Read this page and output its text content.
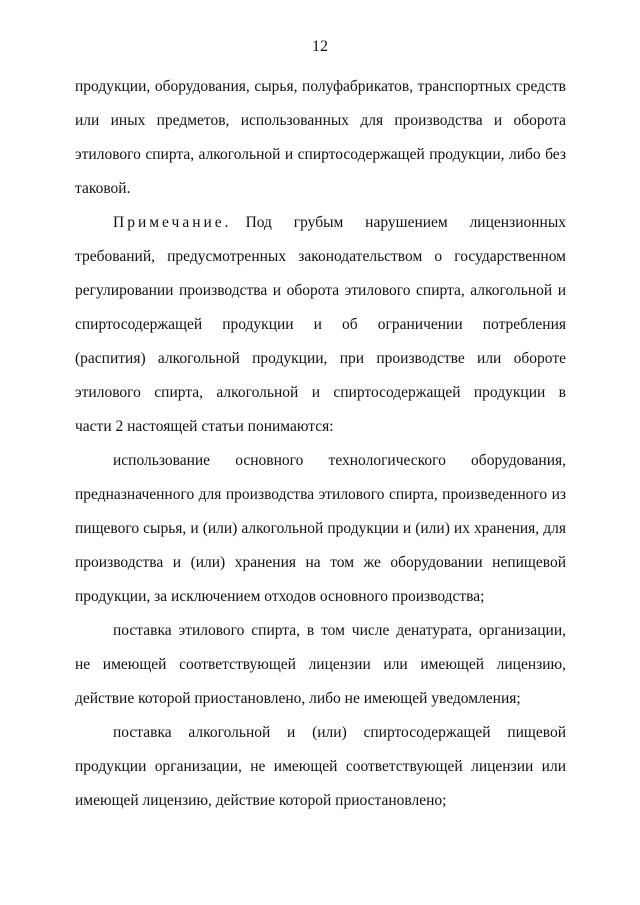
12
продукции, оборудования, сырья, полуфабрикатов, транспортных средств
или иных предметов, использованных для производства и оборота
этилового спирта, алкогольной и спиртосодержащей продукции, либо без
таковой.
Примечание. Под грубым нарушением лицензионных
требований, предусмотренных законодательством о государственном
регулировании производства и оборота этилового спирта, алкогольной и
спиртосодержащей продукции и об ограничении потребления
(распития) алкогольной продукции, при производстве или обороте
этилового спирта, алкогольной и спиртосодержащей продукции в
части 2 настоящей статьи понимаются:
использование основного технологического оборудования,
предназначенного для производства этилового спирта, произведенного из
пищевого сырья, и (или) алкогольной продукции и (или) их хранения, для
производства и (или) хранения на том же оборудовании непищевой
продукции, за исключением отходов основного производства;
поставка этилового спирта, в том числе денатурата, организации,
не имеющей соответствующей лицензии или имеющей лицензию,
действие которой приостановлено, либо не имеющей уведомления;
поставка алкогольной и (или) спиртосодержащей пищевой
продукции организации, не имеющей соответствующей лицензии или
имеющей лицензию, действие которой приостановлено;
